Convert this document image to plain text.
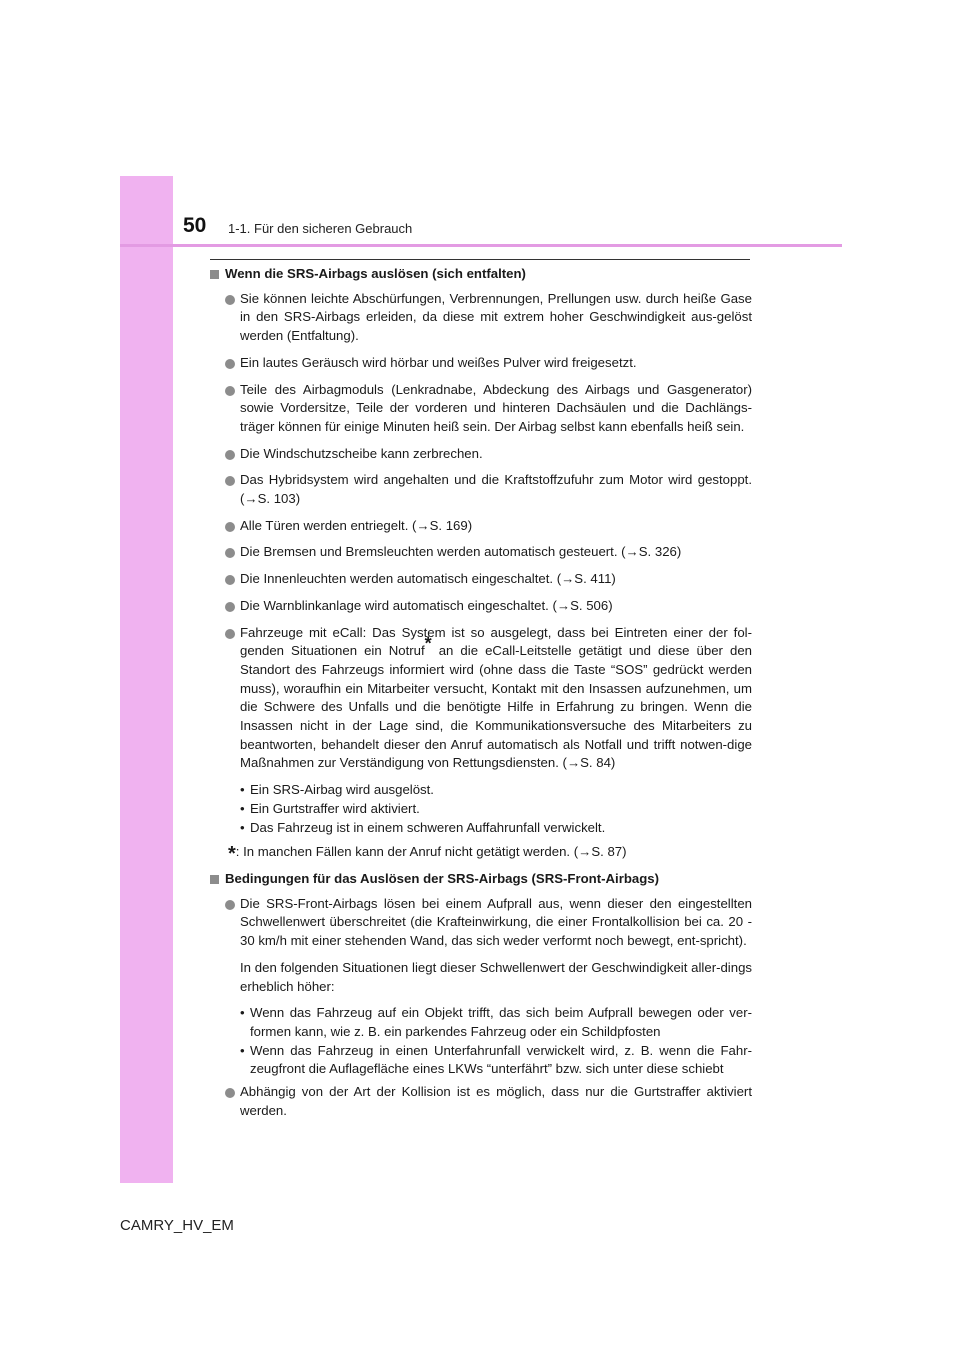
50 1-1. Für den sicheren Gebrauch
Wenn die SRS-Airbags auslösen (sich entfalten)
Sie können leichte Abschürfungen, Verbrennungen, Prellungen usw. durch heiße Gase in den SRS-Airbags erleiden, da diese mit extrem hoher Geschwindigkeit aus-gelöst werden (Entfaltung).
Ein lautes Geräusch wird hörbar und weißes Pulver wird freigesetzt.
Teile des Airbagmoduls (Lenkradnabe, Abdeckung des Airbags und Gasgenerator) sowie Vordersitze, Teile der vorderen und hinteren Dachsäulen und die Dachlängs-träger können für einige Minuten heiß sein. Der Airbag selbst kann ebenfalls heiß sein.
Die Windschutzscheibe kann zerbrechen.
Das Hybridsystem wird angehalten und die Kraftstoffzufuhr zum Motor wird gestoppt. (→S. 103)
Alle Türen werden entriegelt. (→S. 169)
Die Bremsen und Bremsleuchten werden automatisch gesteuert. (→S. 326)
Die Innenleuchten werden automatisch eingeschaltet. (→S. 411)
Die Warnblinkanlage wird automatisch eingeschaltet. (→S. 506)
Fahrzeuge mit eCall: Das System ist so ausgelegt, dass bei Eintreten einer der fol-genden Situationen ein Notruf* an die eCall-Leitstelle getätigt und diese über den Standort des Fahrzeugs informiert wird (ohne dass die Taste “SOS” gedrückt werden muss), woraufhin ein Mitarbeiter versucht, Kontakt mit den Insassen aufzunehmen, um die Schwere des Unfalls und die benötigte Hilfe in Erfahrung zu bringen. Wenn die Insassen nicht in der Lage sind, die Kommunikationsversuche des Mitarbeiters zu beantworten, behandelt dieser den Anruf automatisch als Notfall und trifft notwen-dige Maßnahmen zur Verständigung von Rettungsdiensten. (→S. 84)
• Ein SRS-Airbag wird ausgelöst.
• Ein Gurtstraffer wird aktiviert.
• Das Fahrzeug ist in einem schweren Auffahrunfall verwickelt.
*: In manchen Fällen kann der Anruf nicht getätigt werden. (→S. 87)
Bedingungen für das Auslösen der SRS-Airbags (SRS-Front-Airbags)
Die SRS-Front-Airbags lösen bei einem Aufprall aus, wenn dieser den eingestellten Schwellenwert überschreitet (die Krafteinwirkung, die einer Frontalkollision bei ca. 20 - 30 km/h mit einer stehenden Wand, das sich weder verformt noch bewegt, ent-spricht).
In den folgenden Situationen liegt dieser Schwellenwert der Geschwindigkeit aller-dings erheblich höher:
• Wenn das Fahrzeug auf ein Objekt trifft, das sich beim Aufprall bewegen oder ver-formen kann, wie z. B. ein parkendes Fahrzeug oder ein Schildpfosten
• Wenn das Fahrzeug in einen Unterfahrunfall verwickelt wird, z. B. wenn die Fahr-zeugfront die Auflagefläche eines LKWs “unterfährt” bzw. sich unter diese schiebt
Abhängig von der Art der Kollision ist es möglich, dass nur die Gurtstraffer aktiviert werden.
CAMRY_HV_EM
